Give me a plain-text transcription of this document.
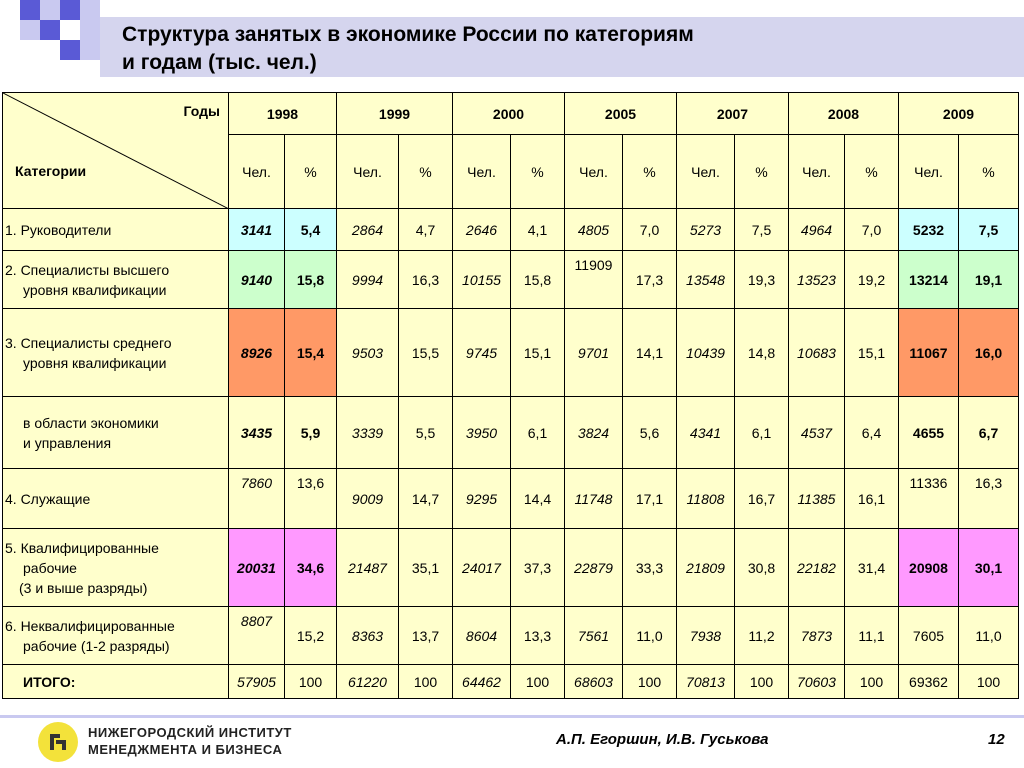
Структура занятых в экономике России по категориям
и годам (тыс. чел.)
Годы
Категории	1998		1999		2000		2005		2007		2008		2009	
	Чел.	%	Чел.	%	Чел.	%	Чел.	%	Чел.	%	Чел.	%	Чел.	%
1. Руководители	3141	5,4	2864	4,7	2646	4,1	4805	7,0	5273	7,5	4964	7,0	5232	7,5

2. Специалисты высшего
уровня квалификации	9140	15,8	9994	16,3	10155	15,8	11909	17,3	13548	19,3	13523	19,2	13214	19,1

3. Специалисты среднего
уровня квалификации	8926	15,4	9503	15,5	9745	15,1	9701	14,1	10439	14,8	10683	15,1	11067	16,0

в области экономики
и управления	3435	5,9	3339	5,5	3950	6,1	3824	5,6	4341	6,1	4537	6,4	4655	6,7
4. Служащие	7860	13,6	9009	14,7	9295	14,4	11748	17,1	11808	16,7	11385	16,1	11336	16,3

5. Квалифицированные
рабочие
(3 и выше разряды)	20031	34,6	21487	35,1	24017	37,3	22879	33,3	21809	30,8	22182	31,4	20908	30,1

6. Неквалифицированные
рабочие (1-2 разряды)	8807	15,2	8363	13,7	8604	13,3	7561	11,0	7938	11,2	7873	11,1	7605	11,0

ИТОГО:	57905	100	61220	100	64462	100	68603	100	70813	100	70603	100	69362	100
НИЖЕГОРОДСКИЙ ИНСТИТУТ
МЕНЕДЖМЕНТА И БИЗНЕСА
А.П. Егоршин, И.В. Гуськова	12
